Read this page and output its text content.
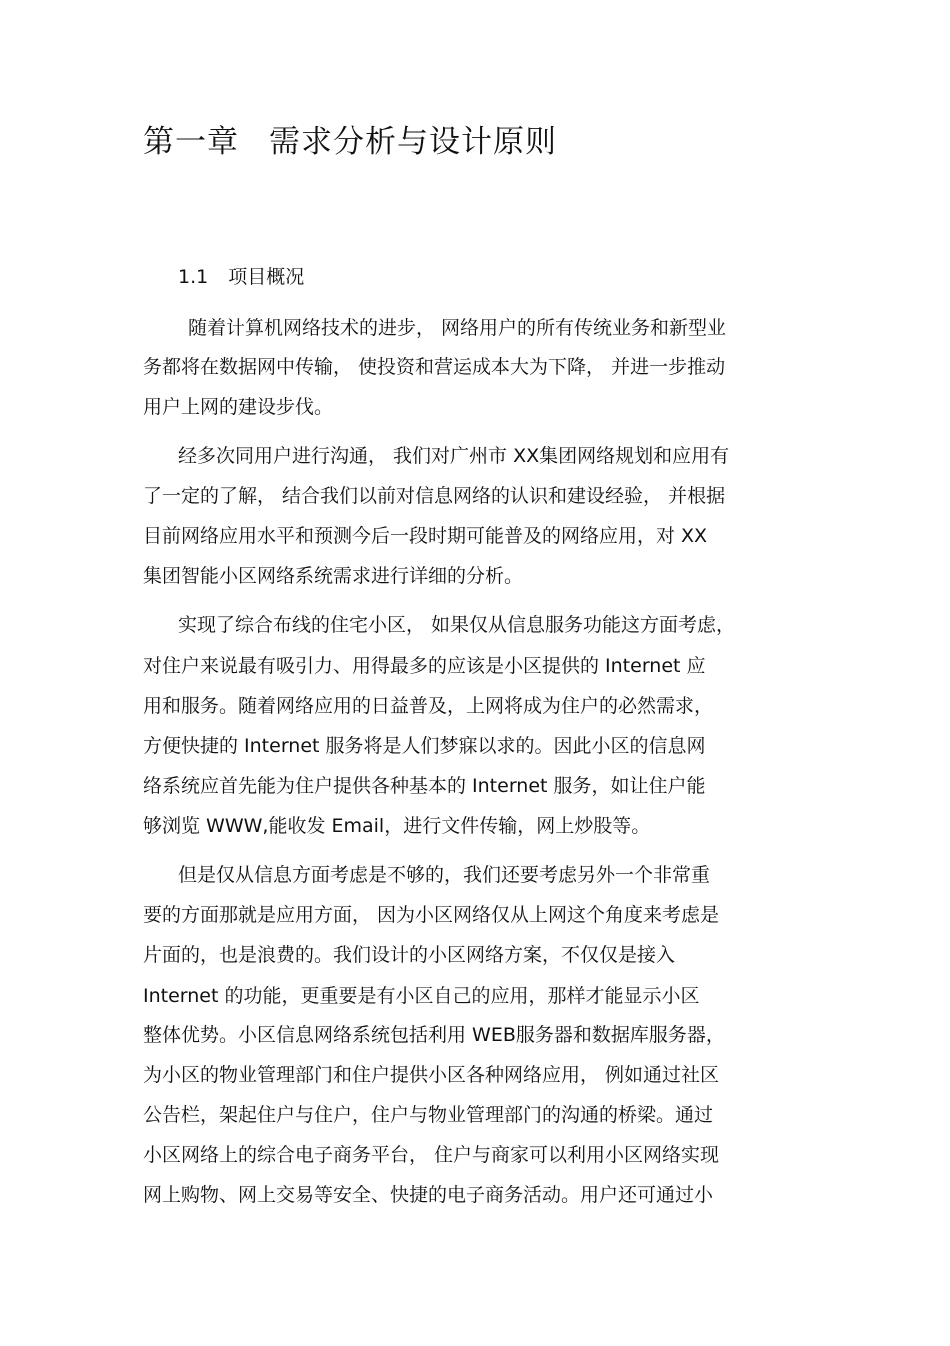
第一章 需求分析与设计原则
1.1 项目概况
随着计算机网络技术的进步， 网络用户的所有传统业务和新型业
务都将在数据网中传输， 使投资和营运成本大为下降， 并进一步推动
用户上网的建设步伐。
经多次同用户进行沟通， 我们对广州市 XX集团网络规划和应用有
了一定的了解， 结合我们以前对信息网络的认识和建设经验， 并根据
目前网络应用水平和预测今后一段时期可能普及的网络应用，对 XX
集团智能小区网络系统需求进行详细的分析。
实现了综合布线的住宅小区， 如果仅从信息服务功能这方面考虑，
对住户来说最有吸引力、用得最多的应该是小区提供的 Internet 应
用和服务。随着网络应用的日益普及，上网将成为住户的必然需求，
方便快捷的 Internet 服务将是人们梦寐以求的。因此小区的信息网
络系统应首先能为住户提供各种基本的 Internet 服务，如让住户能
够浏览 WWW,能收发 Email，进行文件传输，网上炒股等。
但是仅从信息方面考虑是不够的，我们还要考虑另外一个非常重
要的方面那就是应用方面， 因为小区网络仅从上网这个角度来考虑是
片面的，也是浪费的。我们设计的小区网络方案，不仅仅是接入
Internet 的功能，更重要是有小区自己的应用，那样才能显示小区
整体优势。小区信息网络系统包括利用 WEB服务器和数据库服务器，
为小区的物业管理部门和住户提供小区各种网络应用， 例如通过社区
公告栏，架起住户与住户，住户与物业管理部门的沟通的桥梁。通过
小区网络上的综合电子商务平台， 住户与商家可以利用小区网络实现
网上购物、网上交易等安全、快捷的电子商务活动。用户还可通过小
